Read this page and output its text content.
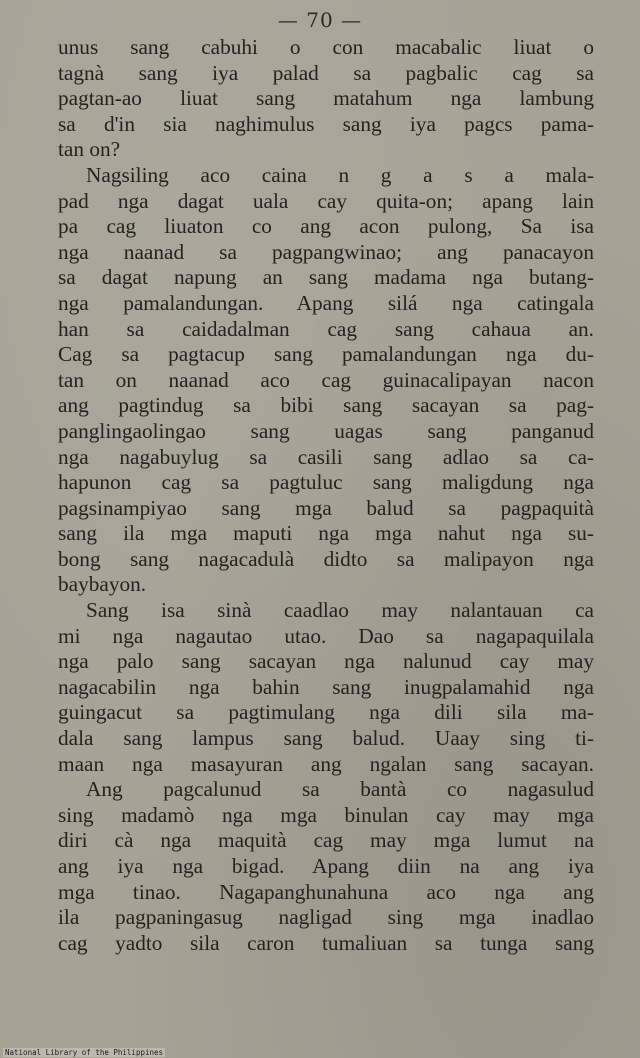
— 70 —
unus sang cabuhi o con macabalic liuat o
tagnà sang iya palad sa pagbalic cag sa
pagtan-ao liuat sang matahum nga lambung
sa d'in sia naghimulus sang iya pagcs pama-
tan on?
Nagsiling aco caina n g a s a mala-
pad nga dagat uala cay quita-on; apang lain
pa cag liuaton co ang acon pulong, Sa isa
nga naanad sa pagpangwinao; ang panacayon
sa dagat napung an sang madama nga butang-
nga pamalandungan. Apang silá nga catingala
han sa caidadalman cag sang cahaua an.
Cag sa pagtacup sang pamalandungan nga du-
tan on naanad aco cag guinacalipayan nacon
ang pagtindug sa bibi sang sacayan sa pag-
panglingaolingao sang uagas sang panganud
nga nagabuylug sa casili sang adlao sa ca-
hapunon cag sa pagtuluc sang maligdung nga
pagsinampiyao sang mga balud sa pagpaquità
sang ila mga maputi nga mga nahut nga su-
bong sang nagacadulà didto sa malipayon nga
baybayon.
Sang isa sinà caadlao may nalantauan ca
mi nga nagautao utao. Dao sa nagapaquilala
nga palo sang sacayan nga nalunud cay may
nagacabilin nga bahin sang inugpalamahid nga
guingacut sa pagtimulang nga dili sila ma-
dala sang lampus sang balud. Uaay sing ti-
maan nga masayuran ang ngalan sang sacayan.
Ang pagcalunud sa bantà co nagasulud
sing madamò nga mga binulan cay may mga
diri cà nga maquità cag may mga lumut na
ang iya nga bigad. Apang diin na ang iya
mga tinao. Nagapanghunahuna aco nga ang
ila pagpaningasug nagligad sing mga inadlao
cag yadto sila caron tumaliuan sa tunga sang
National Library of the Philippines
